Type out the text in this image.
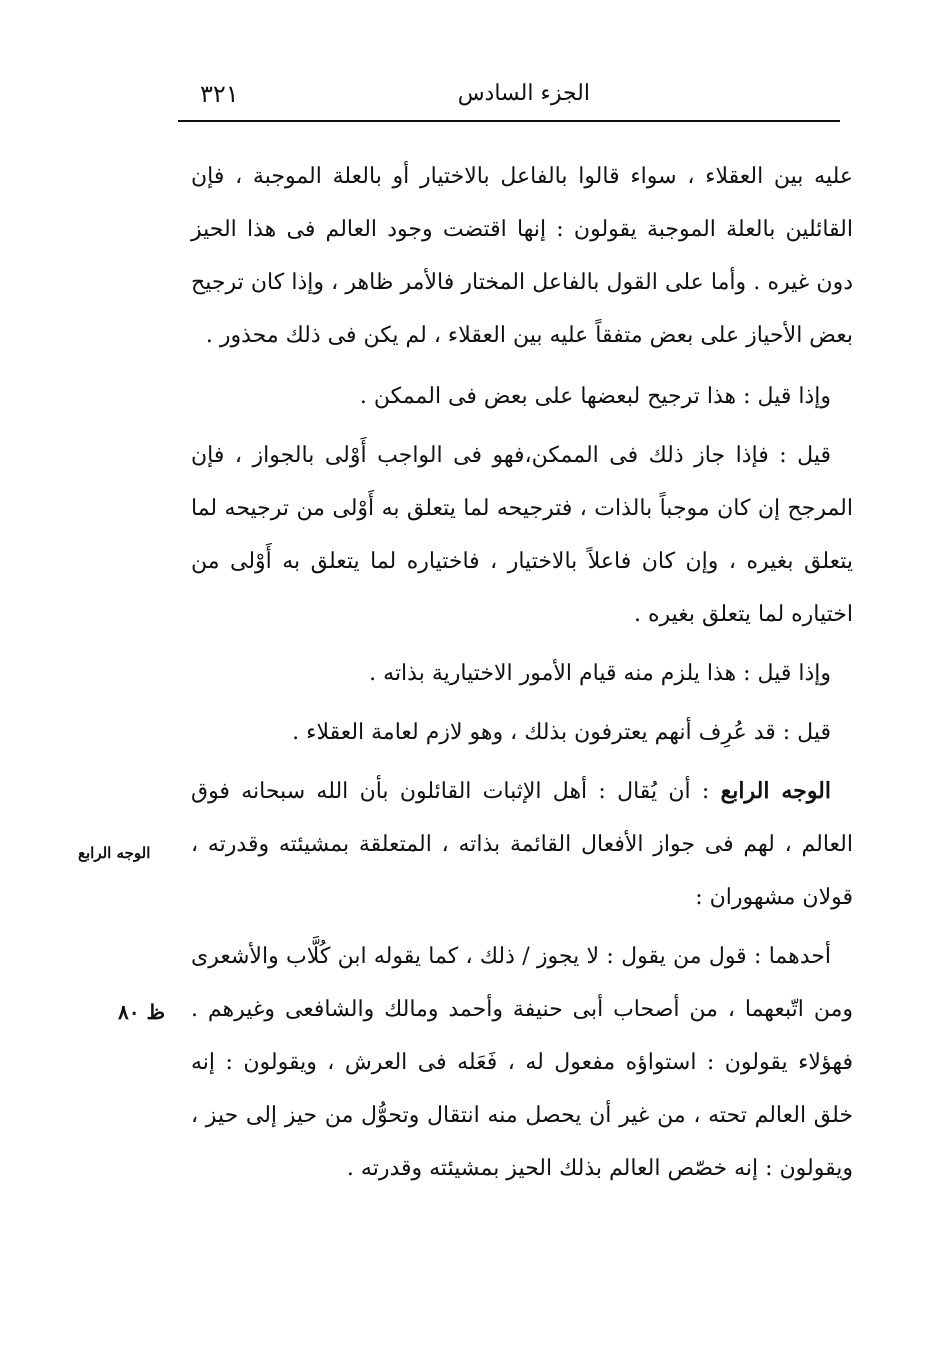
الجزء السادس
٣٢١
الوجه الرابع
ظ ٨٠

عليه بين العقلاء ، سواء قالوا بالفاعل بالاختيار أو بالعلة الموجبة ، فإن القائلين بالعلة الموجبة يقولون : إنها اقتضت وجود العالم فى هذا الحيز دون غيره . وأما على القول بالفاعل المختار فالأمر ظاهر ، وإذا كان ترجيح بعض الأحياز على بعض متفقاً عليه بين العقلاء ، لم يكن فى ذلك محذور .

وإذا قيل : هذا ترجيح لبعضها على بعض فى الممكن .

قيل : فإذا جاز ذلك فى الممكن،فهو فى الواجب أَوْلى بالجواز ، فإن المرجح إن كان موجباً بالذات ، فترجيحه لما يتعلق به أَوْلى من ترجيحه لما يتعلق بغيره ، وإن كان فاعلاً بالاختيار ، فاختياره لما يتعلق به أَوْلى من اختياره لما يتعلق بغيره .

وإذا قيل : هذا يلزم منه قيام الأمور الاختيارية بذاته .

قيل : قد عُرِف أنهم يعترفون بذلك ، وهو لازم لعامة العقلاء .

الوجه الرابع : أن يُقال : أهل الإثبات القائلون بأن الله سبحانه فوق العالم ، لهم فى جواز الأفعال القائمة بذاته ، المتعلقة بمشيئته وقدرته ، قولان مشهوران :

أحدهما : قول من يقول : لا يجوز / ذلك ، كما يقوله ابن كُلَّاب والأشعرى ومن اتّبعهما ، من أصحاب أبى حنيفة وأحمد ومالك والشافعى وغيرهم . فهؤلاء يقولون : استواؤه مفعول له ، فَعَله فى العرش ، ويقولون : إنه خلق العالم تحته ، من غير أن يحصل منه انتقال وتحوُّل من حيز إلى حيز ، ويقولون : إنه خصّص العالم بذلك الحيز بمشيئته وقدرته .
